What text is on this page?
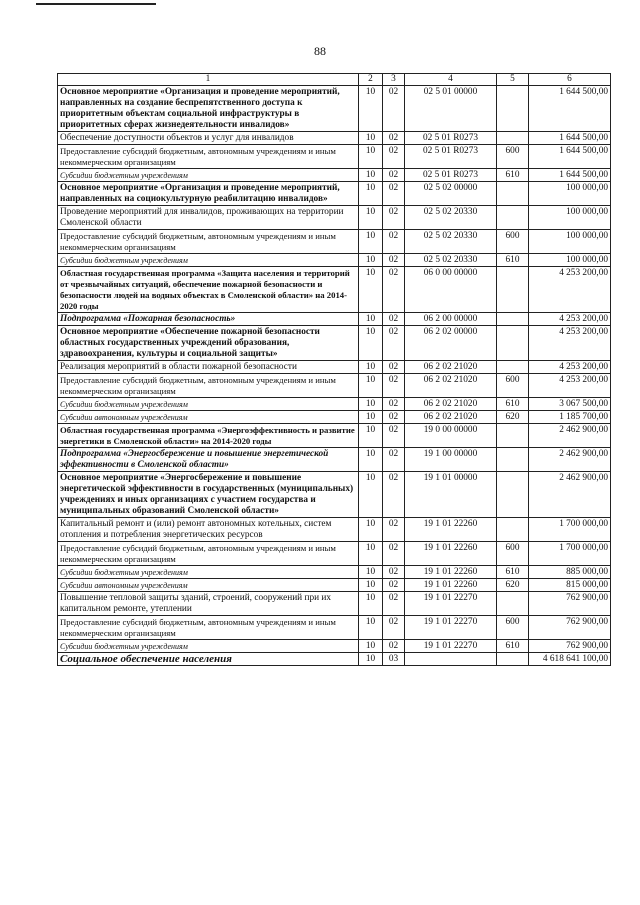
88
1	2	3	4	5	6
Основное мероприятие «Организация и проведение мероприятий, направленных на создание беспрепятственного доступа к приоритетным объектам социальной инфраструктуры в приоритетных сферах жизнедеятельности инвалидов»	10	02	02 5 01 00000		1 644 500,00
Обеспечение доступности объектов и услуг для инвалидов	10	02	02 5 01 R0273		1 644 500,00
Предоставление субсидий бюджетным, автономным учреждениям и иным некоммерческим организациям	10	02	02 5 01 R0273	600	1 644 500,00
Субсидии бюджетным учреждениям	10	02	02 5 01 R0273	610	1 644 500,00
Основное мероприятие «Организация и проведение мероприятий, направленных на социокультурную реабилитацию инвалидов»	10	02	02 5 02 00000		100 000,00
Проведение мероприятий для инвалидов, проживающих на территории Смоленской области	10	02	02 5 02 20330		100 000,00
Предоставление субсидий бюджетным, автономным учреждениям и иным некоммерческим организациям	10	02	02 5 02 20330	600	100 000,00
Субсидии бюджетным учреждениям	10	02	02 5 02 20330	610	100 000,00
Областная государственная программа «Защита населения и территорий от чрезвычайных ситуаций, обеспечение пожарной безопасности и безопасности людей на водных объектах в Смоленской области» на 2014-2020 годы	10	02	06 0 00 00000		4 253 200,00
Подпрограмма «Пожарная безопасность»	10	02	06 2 00 00000		4 253 200,00
Основное мероприятие «Обеспечение пожарной безопасности областных государственных учреждений образования, здравоохранения, культуры и социальной защиты»	10	02	06 2 02 00000		4 253 200,00
Реализация мероприятий в области пожарной безопасности	10	02	06 2 02 21020		4 253 200,00
Предоставление субсидий бюджетным, автономным учреждениям и иным некоммерческим организациям	10	02	06 2 02 21020	600	4 253 200,00
Субсидии бюджетным учреждениям	10	02	06 2 02 21020	610	3 067 500,00
Субсидии автономным учреждениям	10	02	06 2 02 21020	620	1 185 700,00
Областная государственная программа «Энергоэффективность и развитие энергетики в Смоленской области» на 2014-2020 годы	10	02	19 0 00 00000		2 462 900,00
Подпрограмма «Энергосбережение и повышение энергетической эффективности в Смоленской области»	10	02	19 1 00 00000		2 462 900,00
Основное мероприятие «Энергосбережение и повышение энергетической эффективности в государственных (муниципальных) учреждениях и иных организациях с участием государства и муниципальных образований Смоленской области»	10	02	19 1 01 00000		2 462 900,00
Капитальный ремонт и (или) ремонт автономных котельных, систем отопления и потребления энергетических ресурсов	10	02	19 1 01 22260		1 700 000,00
Предоставление субсидий бюджетным, автономным учреждениям и иным некоммерческим организациям	10	02	19 1 01 22260	600	1 700 000,00
Субсидии бюджетным учреждениям	10	02	19 1 01 22260	610	885 000,00
Субсидии автономным учреждениям	10	02	19 1 01 22260	620	815 000,00
Повышение тепловой защиты зданий, строений, сооружений при их капитальном ремонте, утеплении	10	02	19 1 01 22270		762 900,00
Предоставление субсидий бюджетным, автономным учреждениям и иным некоммерческим организациям	10	02	19 1 01 22270	600	762 900,00
Субсидии бюджетным учреждениям	10	02	19 1 01 22270	610	762 900,00
Социальное обеспечение населения	10	03			4 618 641 100,00
